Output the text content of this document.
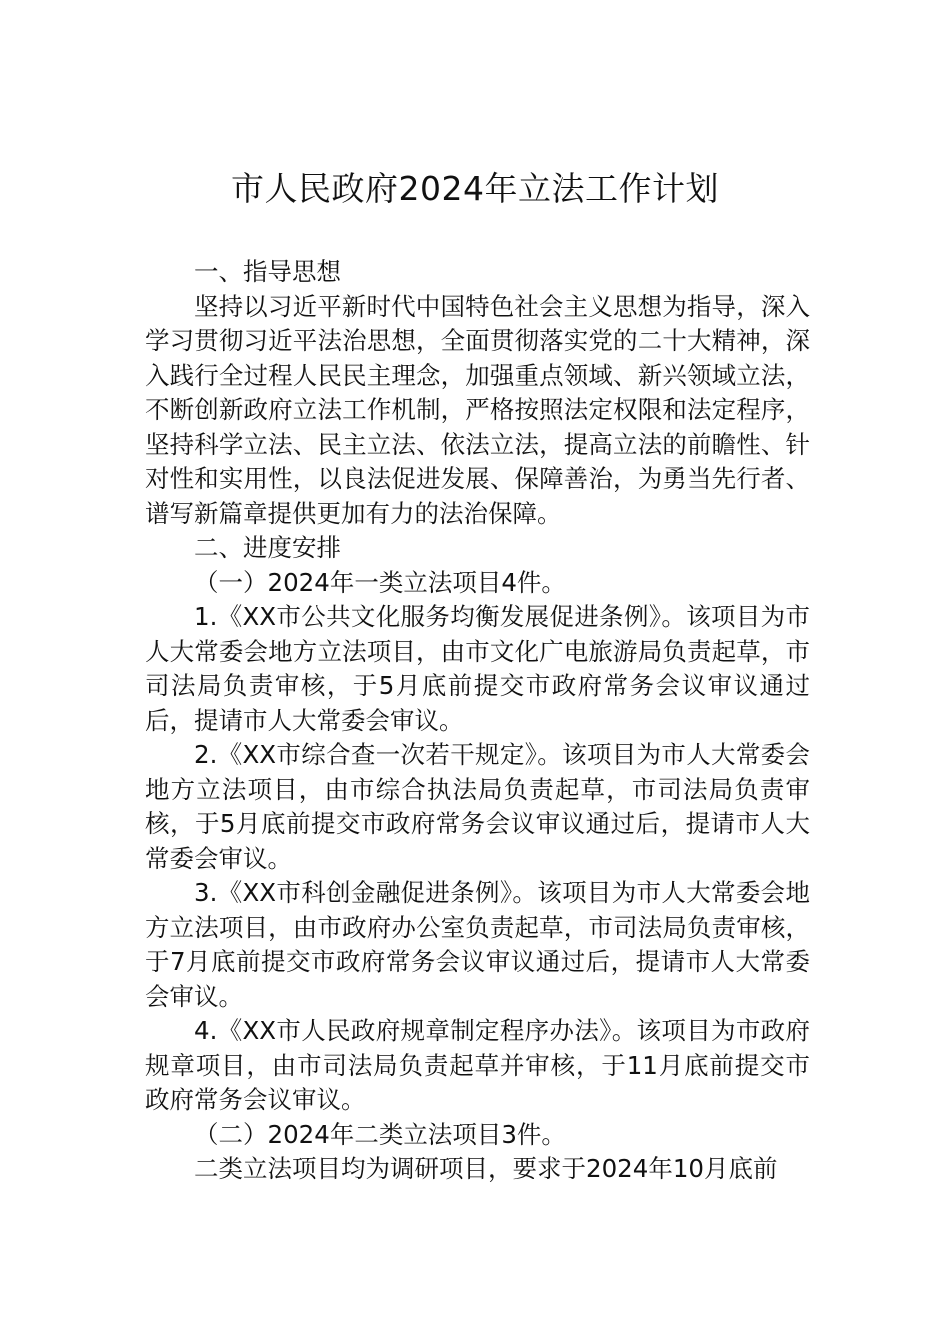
市人民政府2024年立法工作计划

一、指导思想

坚持以习近平新时代中国特色社会主义思想为指导，深入学习贯彻习近平法治思想，全面贯彻落实党的二十大精神，深入践行全过程人民民主理念，加强重点领域、新兴领域立法，不断创新政府立法工作机制，严格按照法定权限和法定程序，坚持科学立法、民主立法、依法立法，提高立法的前瞻性、针对性和实用性，以良法促进发展、保障善治，为勇当先行者、谱写新篇章提供更加有力的法治保障。

二、进度安排

（一）2024年一类立法项目4件。

1.《XX市公共文化服务均衡发展促进条例》。该项目为市人大常委会地方立法项目，由市文化广电旅游局负责起草，市司法局负责审核，于5月底前提交市政府常务会议审议通过后，提请市人大常委会审议。

2.《XX市综合查一次若干规定》。该项目为市人大常委会地方立法项目，由市综合执法局负责起草，市司法局负责审核，于5月底前提交市政府常务会议审议通过后，提请市人大常委会审议。

3.《XX市科创金融促进条例》。该项目为市人大常委会地方立法项目，由市政府办公室负责起草，市司法局负责审核，于7月底前提交市政府常务会议审议通过后，提请市人大常委会审议。

4.《XX市人民政府规章制定程序办法》。该项目为市政府规章项目，由市司法局负责起草并审核，于11月底前提交市政府常务会议审议。

（二）2024年二类立法项目3件。

二类立法项目均为调研项目，要求于2024年10月底前
